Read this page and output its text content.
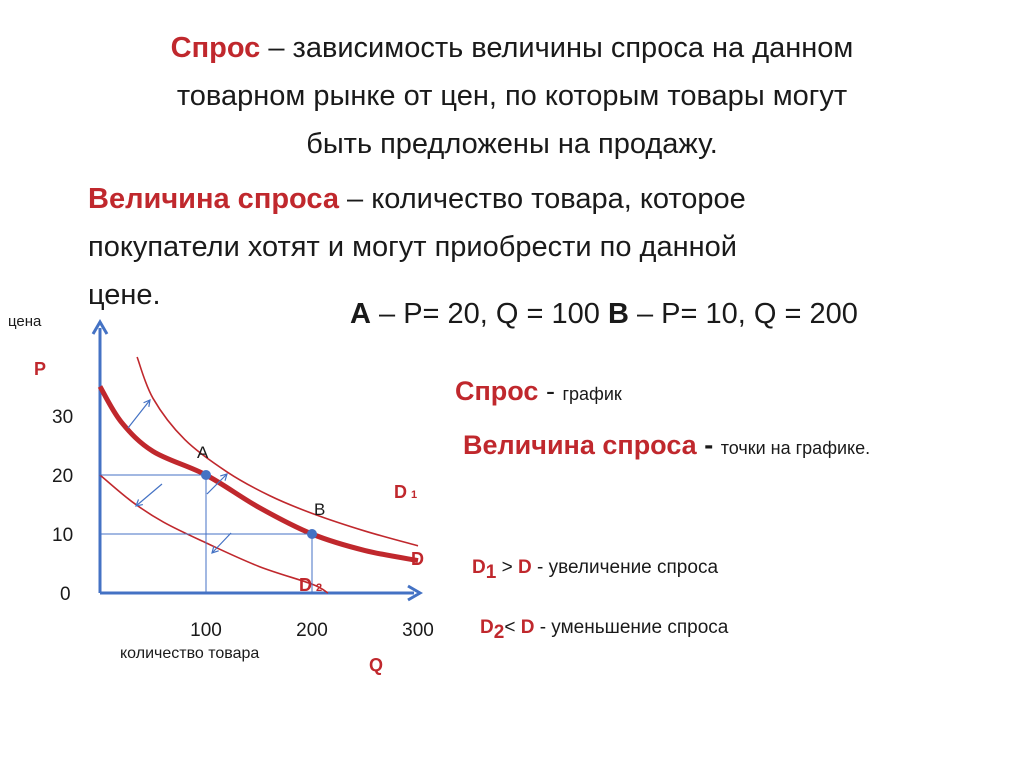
Спрос – зависимость величины спроса на данном
товарном рынке от цен, по которым товары могут
быть предложены на продажу.
Величина спроса – количество товара, которое
покупатели хотят и могут приобрести по данной
цене.
A – P= 20, Q = 100 B – P= 10, Q = 200
Спрос - график
Величина спроса - точки на графике.
$D_1 > D$ - увеличение спроса
$D_2< D$ - уменьшение спроса
цена
P
количество товара
Q
30
20
10
0
100	200	300
D
D 1
D 2
A
B
